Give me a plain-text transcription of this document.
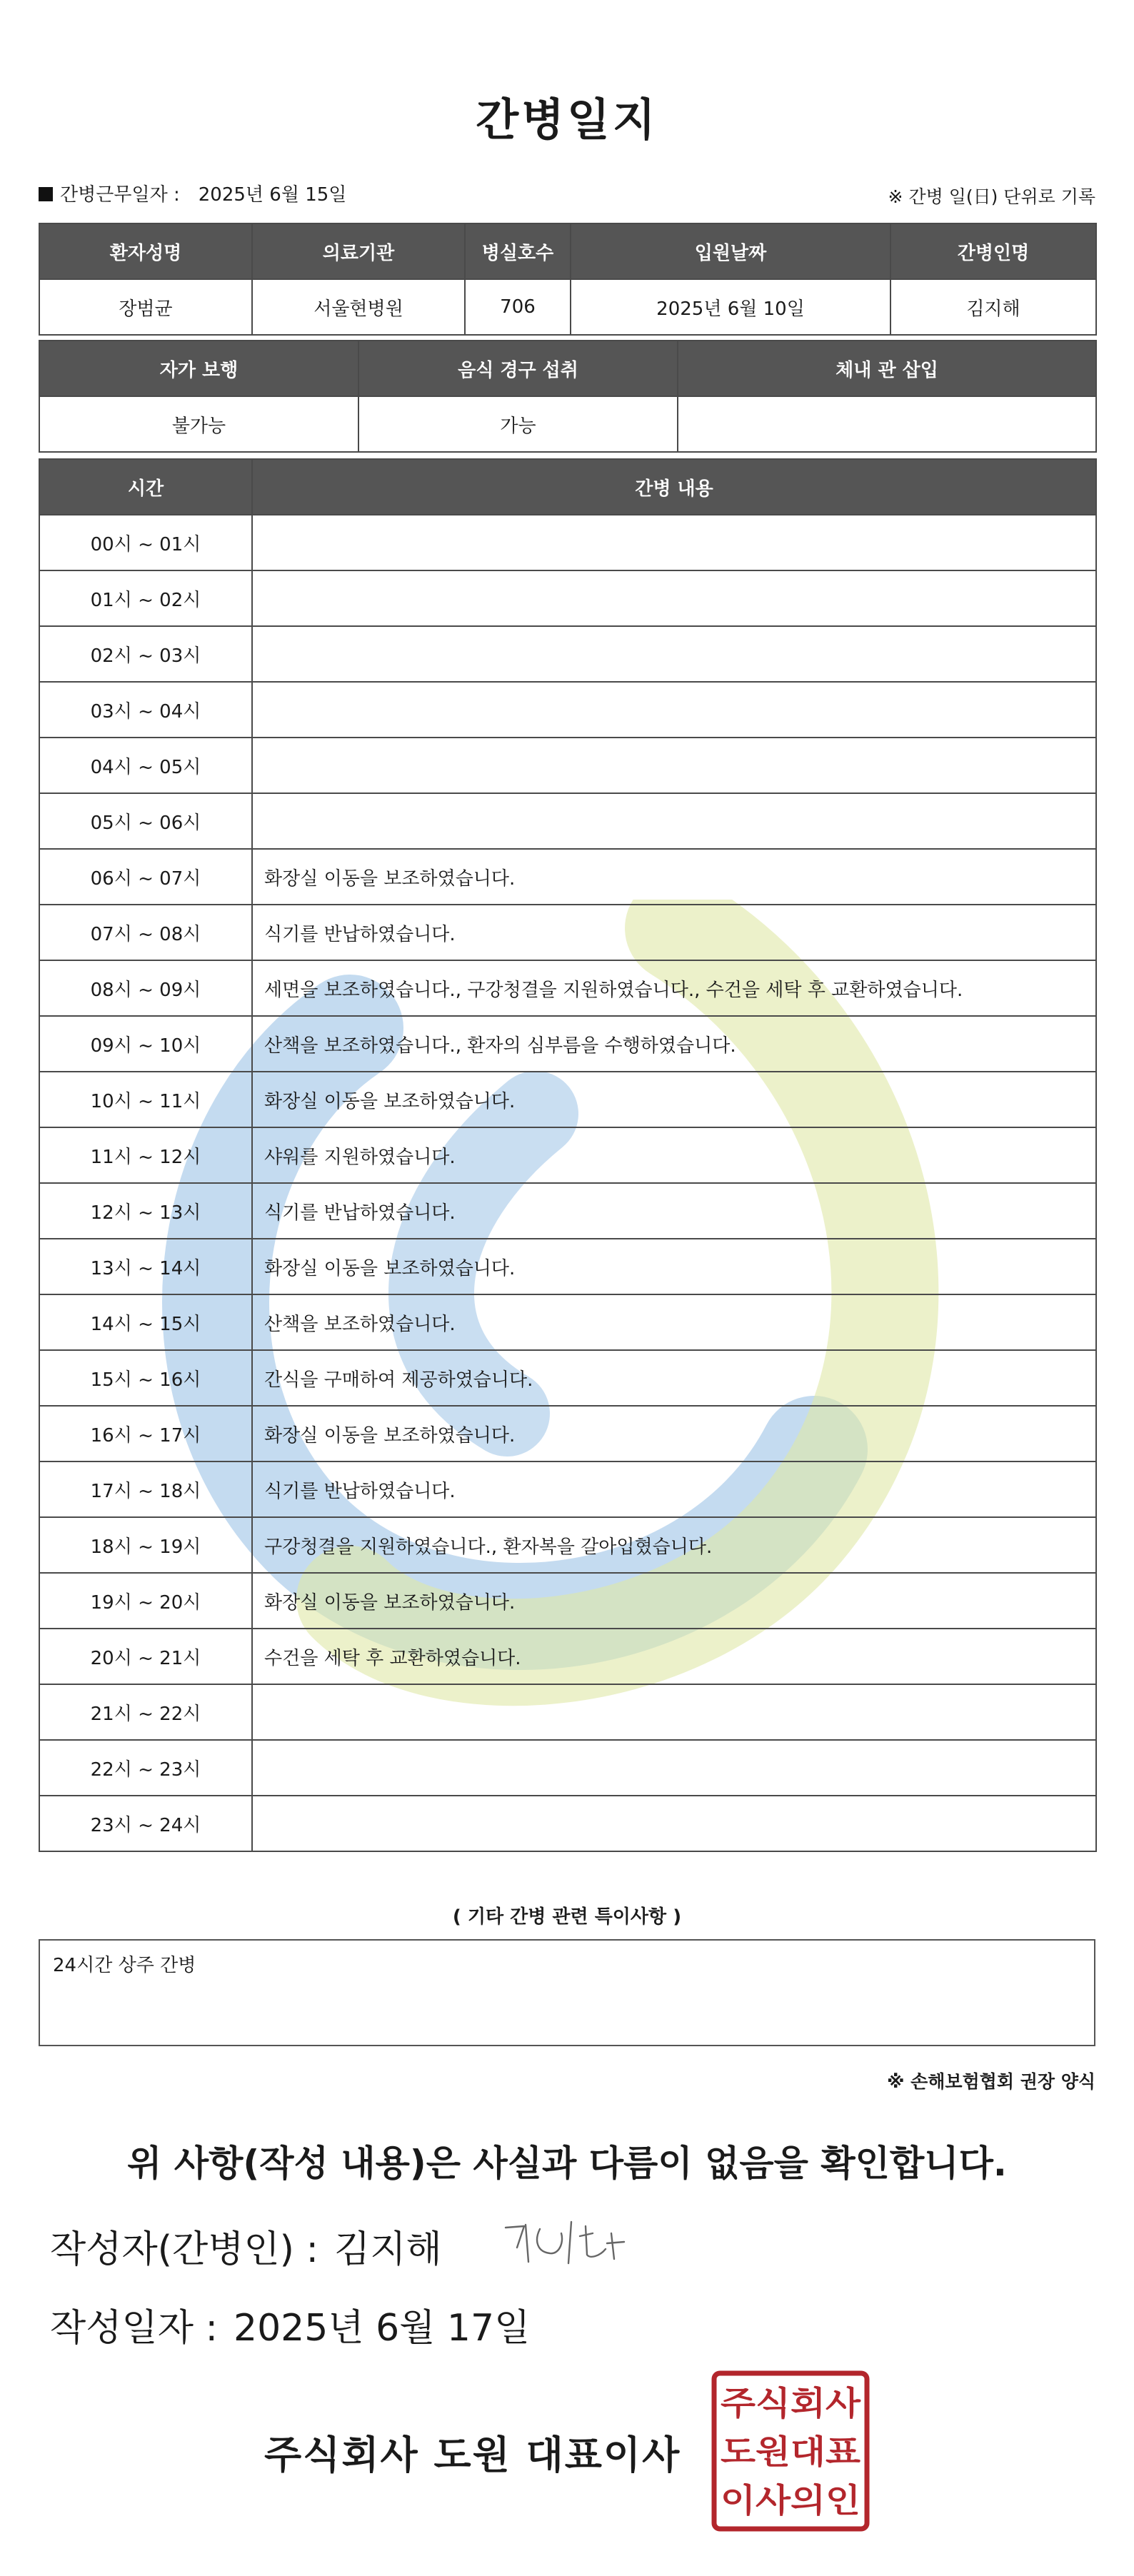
간병일지
간병근무일자 : 2025년 6월 15일	※ 간병 일(日) 단위로 기록
환자성명	의료기관	병실호수	입원날짜	간병인명
장범균	서울현병원	706	2025년 6월 10일	김지해
자가 보행	음식 경구 섭취	체내 관 삽입
불가능	가능	
시간	간병 내용
00시 ~ 01시	
01시 ~ 02시	
02시 ~ 03시	
03시 ~ 04시	
04시 ~ 05시	
05시 ~ 06시	
06시 ~ 07시	화장실 이동을 보조하였습니다.
07시 ~ 08시	식기를 반납하였습니다.
08시 ~ 09시	세면을 보조하였습니다., 구강청결을 지원하였습니다., 수건을 세탁 후 교환하였습니다.
09시 ~ 10시	산책을 보조하였습니다., 환자의 심부름을 수행하였습니다.
10시 ~ 11시	화장실 이동을 보조하였습니다.
11시 ~ 12시	샤워를 지원하였습니다.
12시 ~ 13시	식기를 반납하였습니다.
13시 ~ 14시	화장실 이동을 보조하였습니다.
14시 ~ 15시	산책을 보조하였습니다.
15시 ~ 16시	간식을 구매하여 제공하였습니다.
16시 ~ 17시	화장실 이동을 보조하였습니다.
17시 ~ 18시	식기를 반납하였습니다.
18시 ~ 19시	구강청결을 지원하였습니다., 환자복을 갈아입혔습니다.
19시 ~ 20시	화장실 이동을 보조하였습니다.
20시 ~ 21시	수건을 세탁 후 교환하였습니다.
21시 ~ 22시	
22시 ~ 23시	
23시 ~ 24시	
( 기타 간병 관련 특이사항 )
24시간 상주 간병
※ 손해보험협회 권장 양식
위 사항(작성 내용)은 사실과 다름이 없음을 확인합니다.
작성자(간병인) : 김지해
작성일자 : 2025년 6월 17일
주식회사 도원 대표이사
주식회사
도원대표
이사의인
